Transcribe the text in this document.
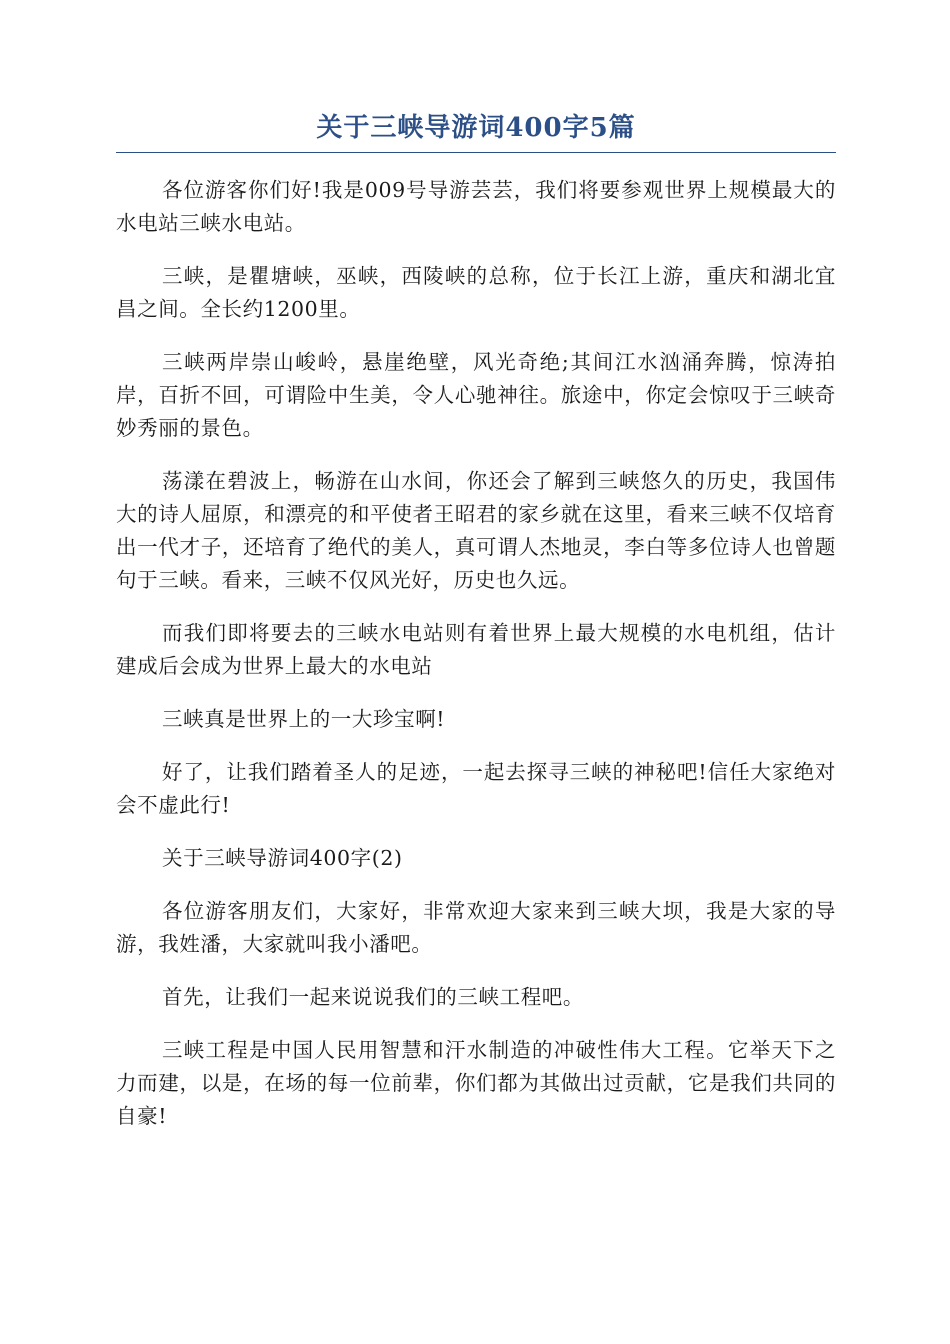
关于三峡导游词400字5篇

各位游客你们好!我是009号导游芸芸，我们将要参观世界上规模最大的水电站三峡水电站。

三峡，是瞿塘峡，巫峡，西陵峡的总称，位于长江上游，重庆和湖北宜昌之间。全长约1200里。

三峡两岸崇山峻岭，悬崖绝壁，风光奇绝;其间江水汹涌奔腾，惊涛拍岸，百折不回，可谓险中生美，令人心驰神往。旅途中，你定会惊叹于三峡奇妙秀丽的景色。

荡漾在碧波上，畅游在山水间，你还会了解到三峡悠久的历史，我国伟大的诗人屈原，和漂亮的和平使者王昭君的家乡就在这里，看来三峡不仅培育出一代才子，还培育了绝代的美人，真可谓人杰地灵，李白等多位诗人也曾题句于三峡。看来，三峡不仅风光好，历史也久远。

而我们即将要去的三峡水电站则有着世界上最大规模的水电机组，估计建成后会成为世界上最大的水电站

三峡真是世界上的一大珍宝啊!

好了，让我们踏着圣人的足迹，一起去探寻三峡的神秘吧!信任大家绝对会不虚此行!

关于三峡导游词400字(2)

各位游客朋友们，大家好，非常欢迎大家来到三峡大坝，我是大家的导游，我姓潘，大家就叫我小潘吧。

首先，让我们一起来说说我们的三峡工程吧。

三峡工程是中国人民用智慧和汗水制造的冲破性伟大工程。它举天下之力而建，以是，在场的每一位前辈，你们都为其做出过贡献，它是我们共同的自豪!
